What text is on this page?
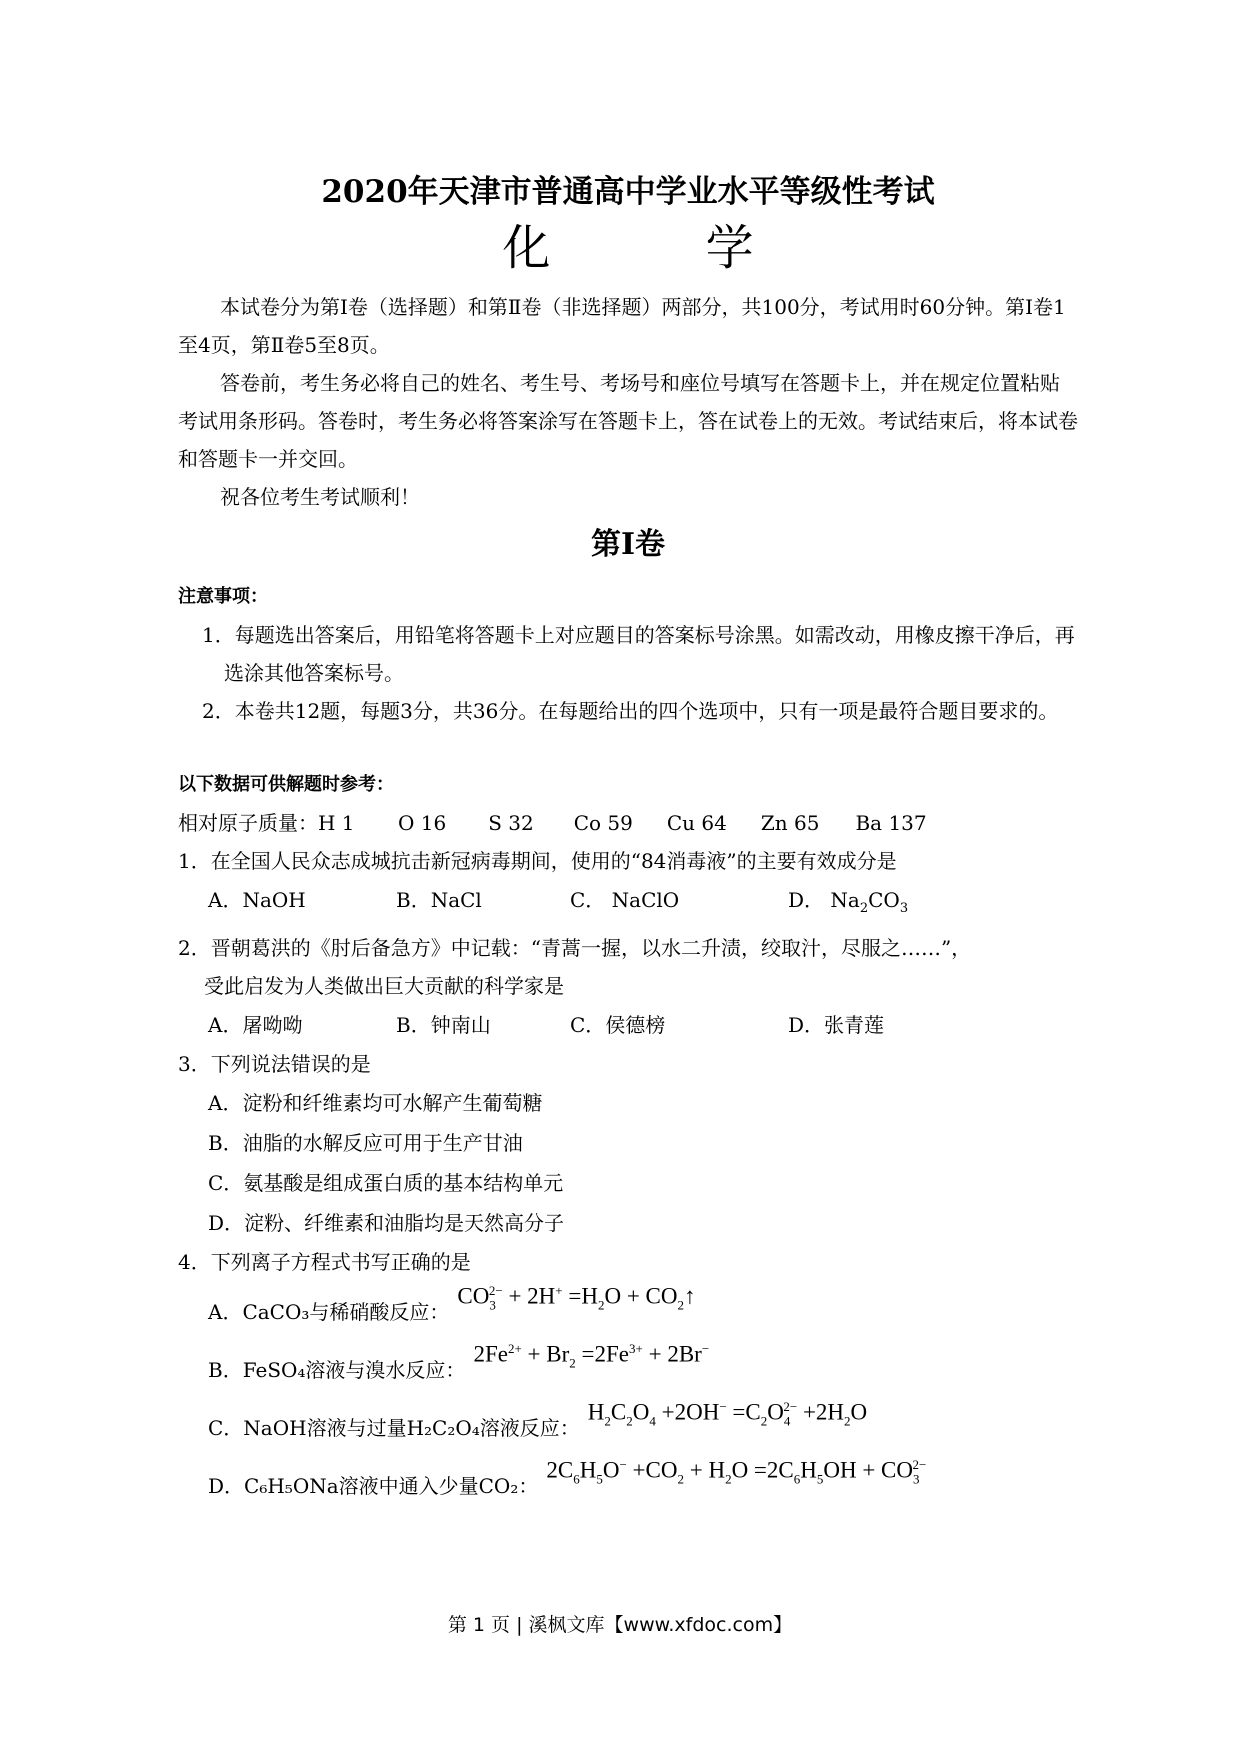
2020年天津市普通高中学业水平等级性考试
化 学

本试卷分为第Ⅰ卷（选择题）和第Ⅱ卷（非选择题）两部分，共100分，考试用时60分钟。第Ⅰ卷1至4页，第Ⅱ卷5至8页。

答卷前，考生务必将自己的姓名、考生号、考场号和座位号填写在答题卡上，并在规定位置粘贴考试用条形码。答卷时，考生务必将答案涂写在答题卡上，答在试卷上的无效。考试结束后，将本试卷和答题卡一并交回。

祝各位考生考试顺利！

第I卷

注意事项：

1．每题选出答案后，用铅笔将答题卡上对应题目的答案标号涂黑。如需改动，用橡皮擦干净后，再选涂其他答案标号。
2．本卷共12题，每题3分，共36分。在每题给出的四个选项中，只有一项是最符合题目要求的。

以下数据可供解题时参考：

相对原子质量：H 1 O 16 S 32 Co 59 Cu 64 Zn 65 Ba 137

1．在全国人民众志成城抗击新冠病毒期间，使用的“84消毒液”的主要有效成分是
A．NaOH	B．NaCl	C． NaClO	D． $Na_2CO_3$
2．晋朝葛洪的《肘后备急方》中记载：“青蒿一握，以水二升渍，绞取汁，尽服之……”，
受此启发为人类做出巨大贡献的科学家是
A．屠呦呦	B．钟南山	C．侯德榜	D．张青莲
3．下列说法错误的是
A．淀粉和纤维素均可水解产生葡萄糖
B．油脂的水解反应可用于生产甘油
C．氨基酸是组成蛋白质的基本结构单元
D．淀粉、纤维素和油脂均是天然高分子
4．下列离子方程式书写正确的是
A．CaCO₃与稀硝酸反应：
$CO_3^{2-} + 2H^+ =H_2O$ + $CO_2↑$
B．FeSO₄溶液与溴水反应：
$2Fe^{2+} + Br_2 =2Fe^{3+} + 2Br^-$
C．NaOH溶液与过量H₂C₂O₄溶液反应：
$H_2C_2O_4 +2OH^- =C_2O_4^{2-} +2H_2O$
D．C₆H₅ONa溶液中通入少量CO₂：
$2C_6H_5O^- +CO_2 + H_2O =2C_6H_5OH + CO_3^{2-}$
第 1 页 | 溪枫文库【www.xfdoc.com】
